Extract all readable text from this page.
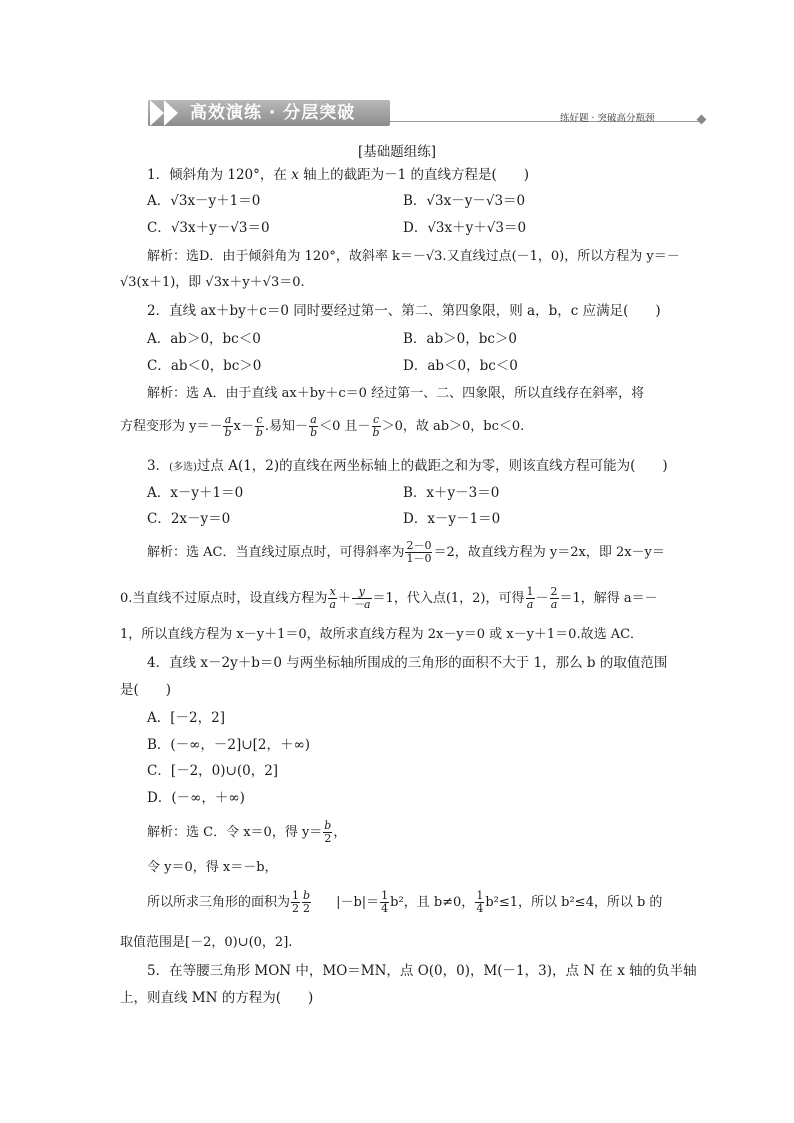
高效演练 · 分层突破	练好题 · 突破高分瓶颈
[基础题组练]
1．倾斜角为 120°，在 x 轴上的截距为－1 的直线方程是(　　)
A．√3x－y＋1＝0	B．√3x－y－√3＝0
C．√3x＋y－√3＝0	D．√3x＋y＋√3＝0
解析：选D．由于倾斜角为 120°，故斜率 k＝－√3.又直线过点(－1，0)，所以方程为 y＝－
√3(x＋1)，即 √3x＋y＋√3＝0.
2．直线 ax＋by＋c＝0 同时要经过第一、第二、第四象限，则 a，b，c 应满足(　　)
A．ab＞0，bc＜0	B．ab＞0，bc＞0
C．ab＜0，bc＞0	D．ab＜0，bc＜0
解析：选 A．由于直线 ax＋by＋c＝0 经过第一、二、四象限，所以直线存在斜率，将
方程变形为 $y=- \frac{a}{b} x- \frac{c}{b}$ .易知－ $\frac{a}{b} <0$ 且－ $\frac{c}{b} >0$，故 ab＞0，bc＜0.
3．(多选)过点 A(1，2)的直线在两坐标轴上的截距之和为零，则该直线方程可能为(　　)
A．x－y＋1＝0	B．x＋y－3＝0
C．2x－y＝0	D．x－y－1＝0
解析：选 AC．当直线过原点时，可得斜率为 $\frac{2-0}{1-0} =2$，故直线方程为 y＝2x，即 2x－y＝
0.当直线不过原点时，设直线方程为 $\frac{x}{a} + \frac{y}{-a} =1$，代入点(1，2)，可得 $\frac{1}{a} - \frac{2}{a} =1$，解得 a＝－
1，所以直线方程为 x－y＋1＝0，故所求直线方程为 2x－y＝0 或 x－y＋1＝0.故选 AC．
4．直线 x－2y＋b＝0 与两坐标轴所围成的三角形的面积不大于 1，那么 b 的取值范围
是(　　)
A．[－2，2]
B．(－∞，－2]∪[2，＋∞)
C．[－2，0)∪(0，2]
D．(－∞，＋∞)
解析：选 C．令 x＝0，得 $y= \frac{b}{2}$ ，
令 y＝0，得 x＝－b，
所以所求三角形的面积为 $\frac{1}{2} \frac{b}{2} |-b|= \frac{1}{4} b^2$，且 b≠0， $\frac{1}{4} b^2\le 1$，所以 b²≤4，所以 b 的
取值范围是[－2，0)∪(0，2].
5．在等腰三角形 MON 中，MO＝MN，点 O(0，0)，M(－1，3)，点 N 在 x 轴的负半轴
上，则直线 MN 的方程为(　　)
